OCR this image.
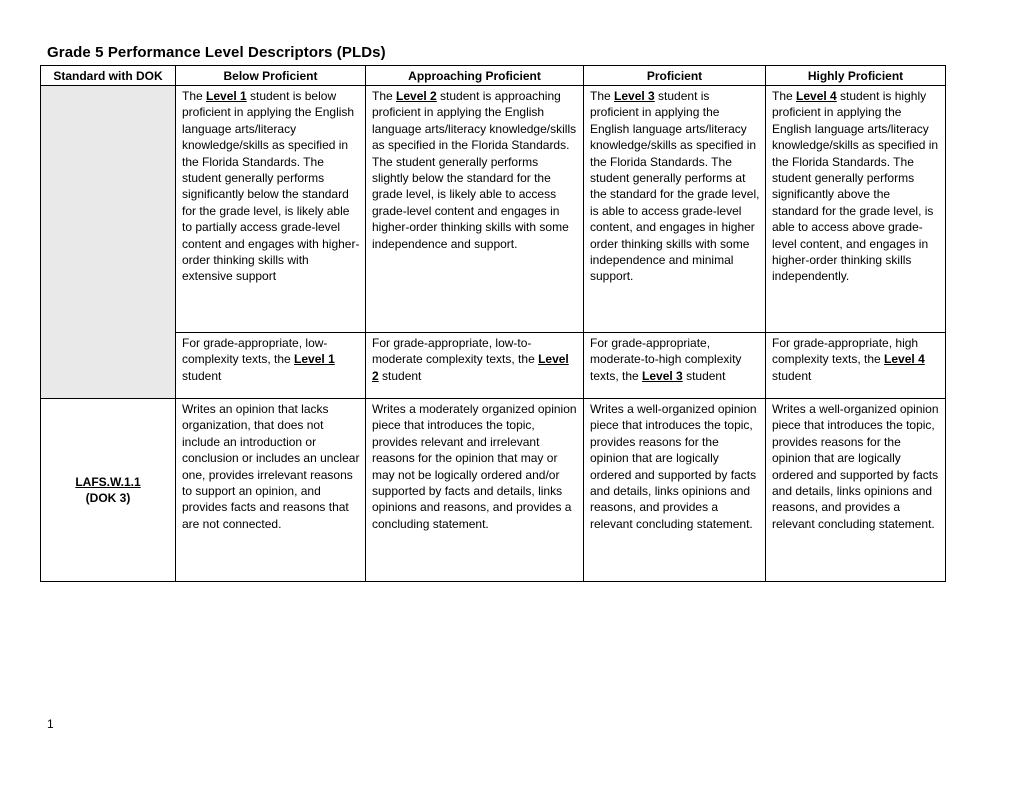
Grade 5 Performance Level Descriptors (PLDs)
Standard with DOK	Below Proficient	Approaching Proficient	Proficient	Highly Proficient
	The Level 1 student is below proficient in applying the English language arts/literacy knowledge/skills as specified in the Florida Standards. The student generally performs significantly below the standard for the grade level, is likely able to partially access grade-level content and engages with higher-order thinking skills with extensive support	The Level 2 student is approaching proficient in applying the English language arts/literacy knowledge/skills as specified in the Florida Standards. The student generally performs slightly below the standard for the grade level, is likely able to access grade-level content and engages in higher-order thinking skills with some independence and support.	The Level 3 student is proficient in applying the English language arts/literacy knowledge/skills as specified in the Florida Standards. The student generally performs at the standard for the grade level, is able to access grade-level content, and engages in higher order thinking skills with some independence and minimal support.	The Level 4 student is highly proficient in applying the English language arts/literacy knowledge/skills as specified in the Florida Standards. The student generally performs significantly above the standard for the grade level, is able to access above grade-level content, and engages in higher-order thinking skills independently.
	For grade-appropriate, low-complexity texts, the Level 1 student	For grade-appropriate, low-to-moderate complexity texts, the Level 2 student	For grade-appropriate, moderate-to-high complexity texts, the Level 3 student	For grade-appropriate, high complexity texts, the Level 4 student
LAFS.W.1.1
(DOK 3)	Writes an opinion that lacks organization, that does not include an introduction or conclusion or includes an unclear one, provides irrelevant reasons to support an opinion, and provides facts and reasons that are not connected.	Writes a moderately organized opinion piece that introduces the topic, provides relevant and irrelevant reasons for the opinion that may or may not be logically ordered and/or supported by facts and details, links opinions and reasons, and provides a concluding statement.	Writes a well-organized opinion piece that introduces the topic, provides reasons for the opinion that are logically ordered and supported by facts and details, links opinions and reasons, and provides a relevant concluding statement.	Writes a well-organized opinion piece that introduces the topic, provides reasons for the opinion that are logically ordered and supported by facts and details, links opinions and reasons, and provides a relevant concluding statement.
1
